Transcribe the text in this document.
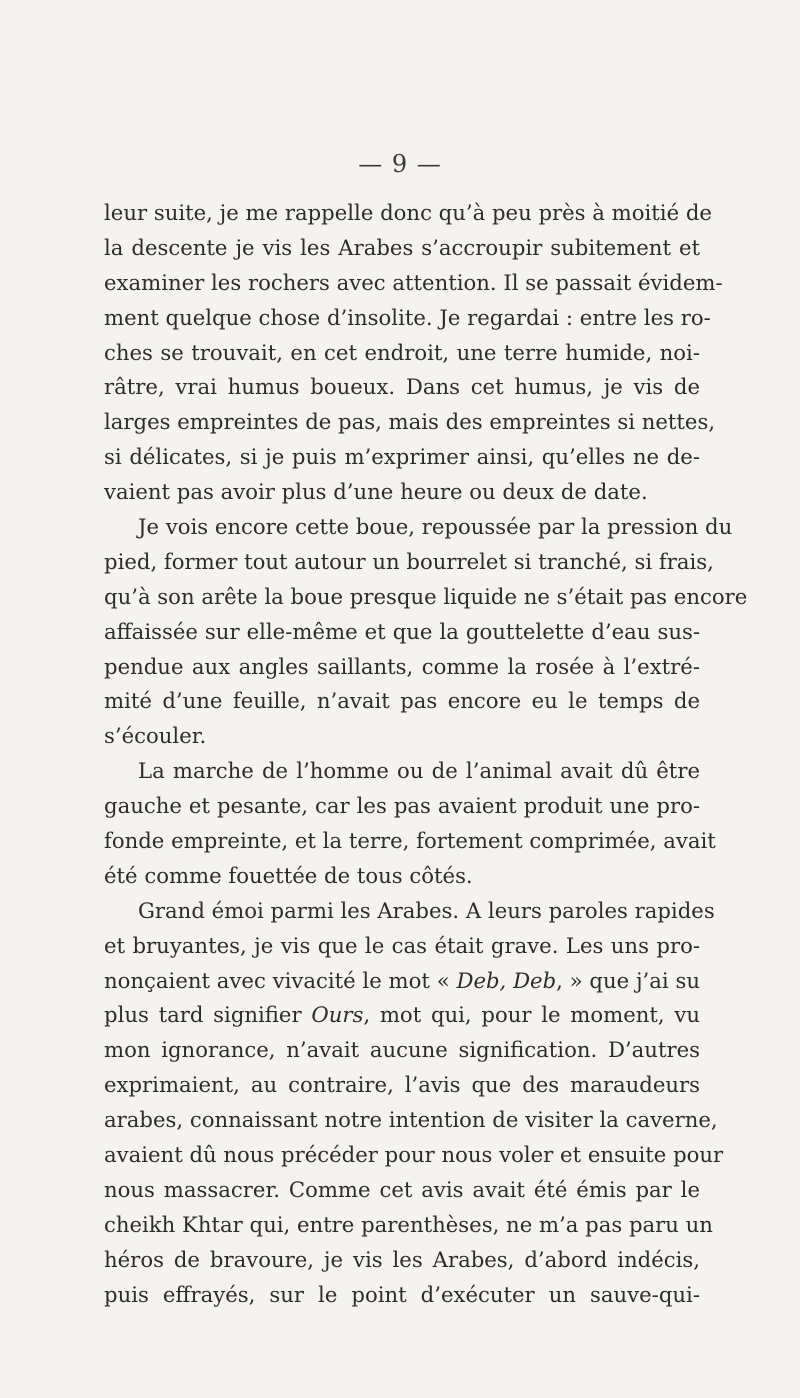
— 9 —
leur suite, je me rappelle donc qu’à peu près à moitié de
la descente je vis les Arabes s’accroupir subitement et
examiner les rochers avec attention. Il se passait évidem-
ment quelque chose d’insolite. Je regardai : entre les ro-
ches se trouvait, en cet endroit, une terre humide, noi-
râtre, vrai humus boueux. Dans cet humus, je vis de
larges empreintes de pas, mais des empreintes si nettes,
si délicates, si je puis m’exprimer ainsi, qu’elles ne de-
vaient pas avoir plus d’une heure ou deux de date.
Je vois encore cette boue, repoussée par la pression du
pied, former tout autour un bourrelet si tranché, si frais,
qu’à son arête la boue presque liquide ne s’était pas encore
affaissée sur elle-même et que la gouttelette d’eau sus-
pendue aux angles saillants, comme la rosée à l’extré-
mité d’une feuille, n’avait pas encore eu le temps de
s’écouler.
La marche de l’homme ou de l’animal avait dû être
gauche et pesante, car les pas avaient produit une pro-
fonde empreinte, et la terre, fortement comprimée, avait
été comme fouettée de tous côtés.
Grand émoi parmi les Arabes. A leurs paroles rapides
et bruyantes, je vis que le cas était grave. Les uns pro-
nonçaient avec vivacité le mot « Deb, Deb, » que j’ai su
plus tard signifier Ours, mot qui, pour le moment, vu
mon ignorance, n’avait aucune signification. D’autres
exprimaient, au contraire, l’avis que des maraudeurs
arabes, connaissant notre intention de visiter la caverne,
avaient dû nous précéder pour nous voler et ensuite pour
nous massacrer. Comme cet avis avait été émis par le
cheikh Khtar qui, entre parenthèses, ne m’a pas paru un
héros de bravoure, je vis les Arabes, d’abord indécis,
puis effrayés, sur le point d’exécuter un sauve-qui-
